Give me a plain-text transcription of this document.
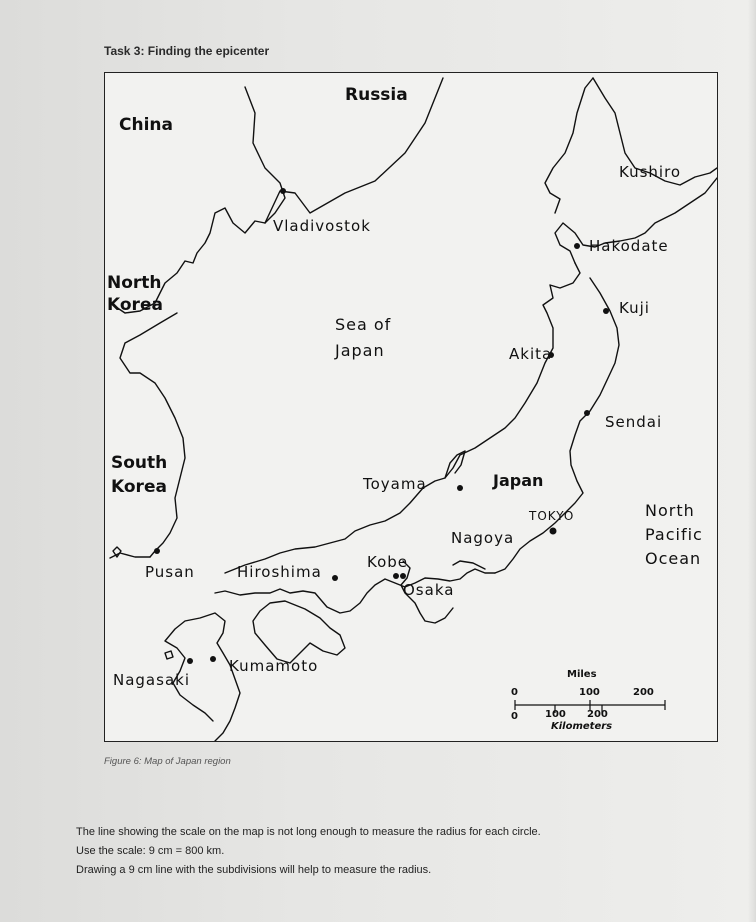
Task 3: Finding the epicenter
Russia
China
North
Korea
South
Korea	Japan
Sea of
Japan
North
Pacific
Ocean
Kushiro
Vladivostok
Hakodate
Kuji
Akita
Sendai
Toyama
TOKYO
Nagoya
Kobe
Osaka
Pusan	Hiroshima
Kumamoto
Nagasaki	Miles
0	100	200
0	100 200
Kilometers
Figure 6: Map of Japan region
The line showing the scale on the map is not long enough to measure the radius for each circle.
Use the scale: 9 cm = 800 km.
Drawing a 9 cm line with the subdivisions will help to measure the radius.
